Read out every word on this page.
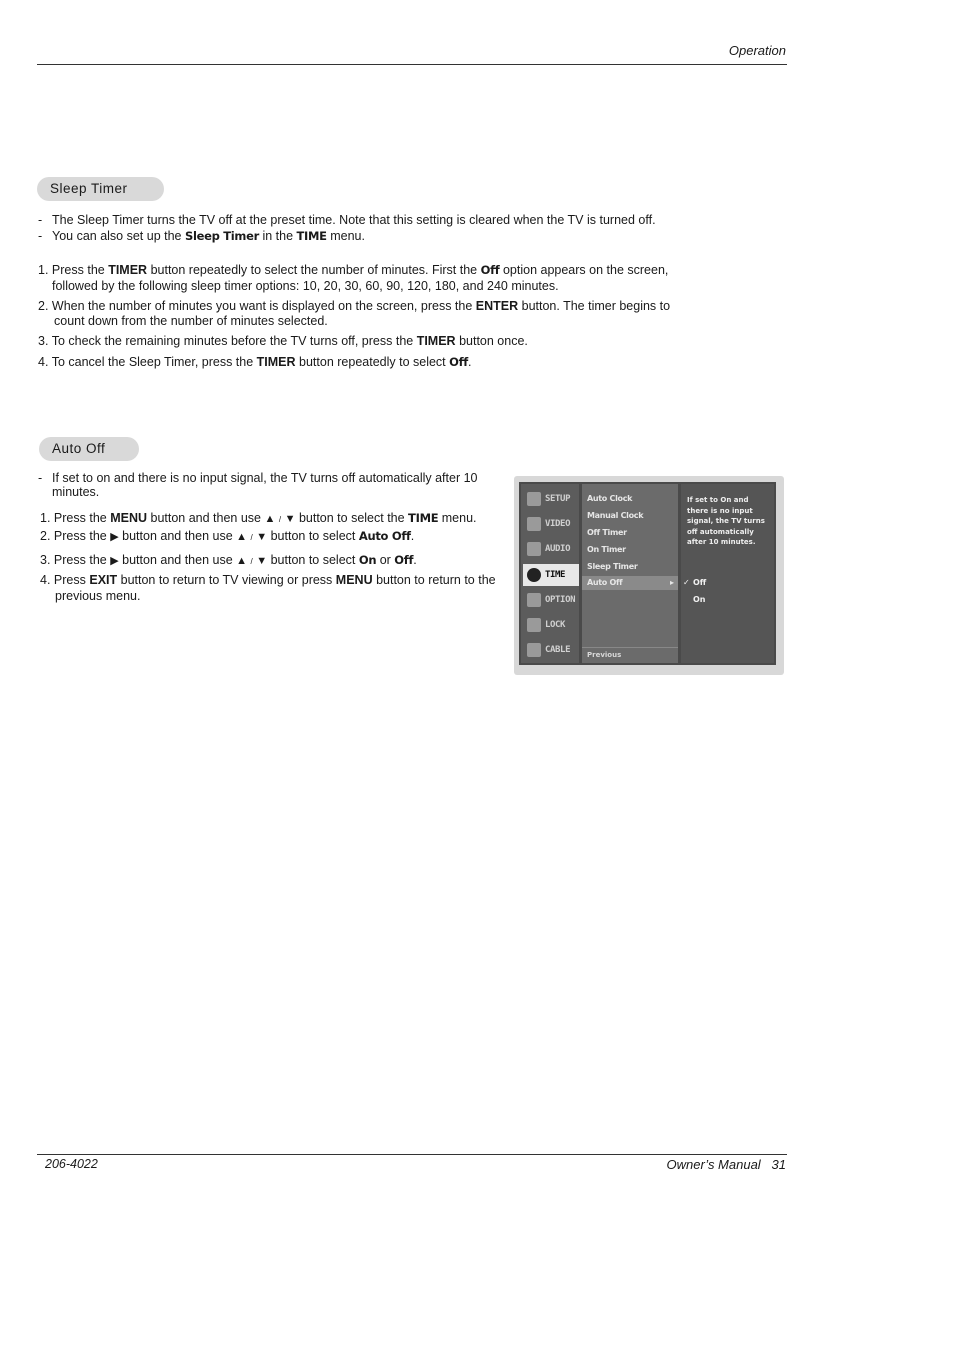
Operation
Sleep Timer
- The Sleep Timer turns the TV off at the preset time. Note that this setting is cleared when the TV is turned off.
- You can also set up the Sleep Timer in the TIME menu.
1. Press the TIMER button repeatedly to select the number of minutes. First the Off option appears on the screen,
followed by the following sleep timer options: 10, 20, 30, 60, 90, 120, 180, and 240 minutes.
2. When the number of minutes you want is displayed on the screen, press the ENTER button. The timer begins to
count down from the number of minutes selected.
3. To check the remaining minutes before the TV turns off, press the TIMER button once.
4. To cancel the Sleep Timer, press the TIMER button repeatedly to select Off.
Auto Off
- If set to on and there is no input signal, the TV turns off automatically after 10
minutes.
1. Press the MENU button and then use ▲ / ▼ button to select the TIME menu.
2. Press the ▶ button and then use ▲ / ▼ button to select Auto Off.
3. Press the ▶ button and then use ▲ / ▼ button to select On or Off.
4. Press EXIT button to return to TV viewing or press MENU button to return to the
previous menu.
SETUP
VIDEO
AUDIO
TIME
OPTION
LOCK
CABLE
Auto Clock
Manual Clock
Off Timer
On Timer
Sleep Timer
Auto Off	▸
Previous
If set to On and there is no input signal, the TV turns off automatically after 10 minutes.
✓ Off
On
206-4022	Owner’s Manual   31
